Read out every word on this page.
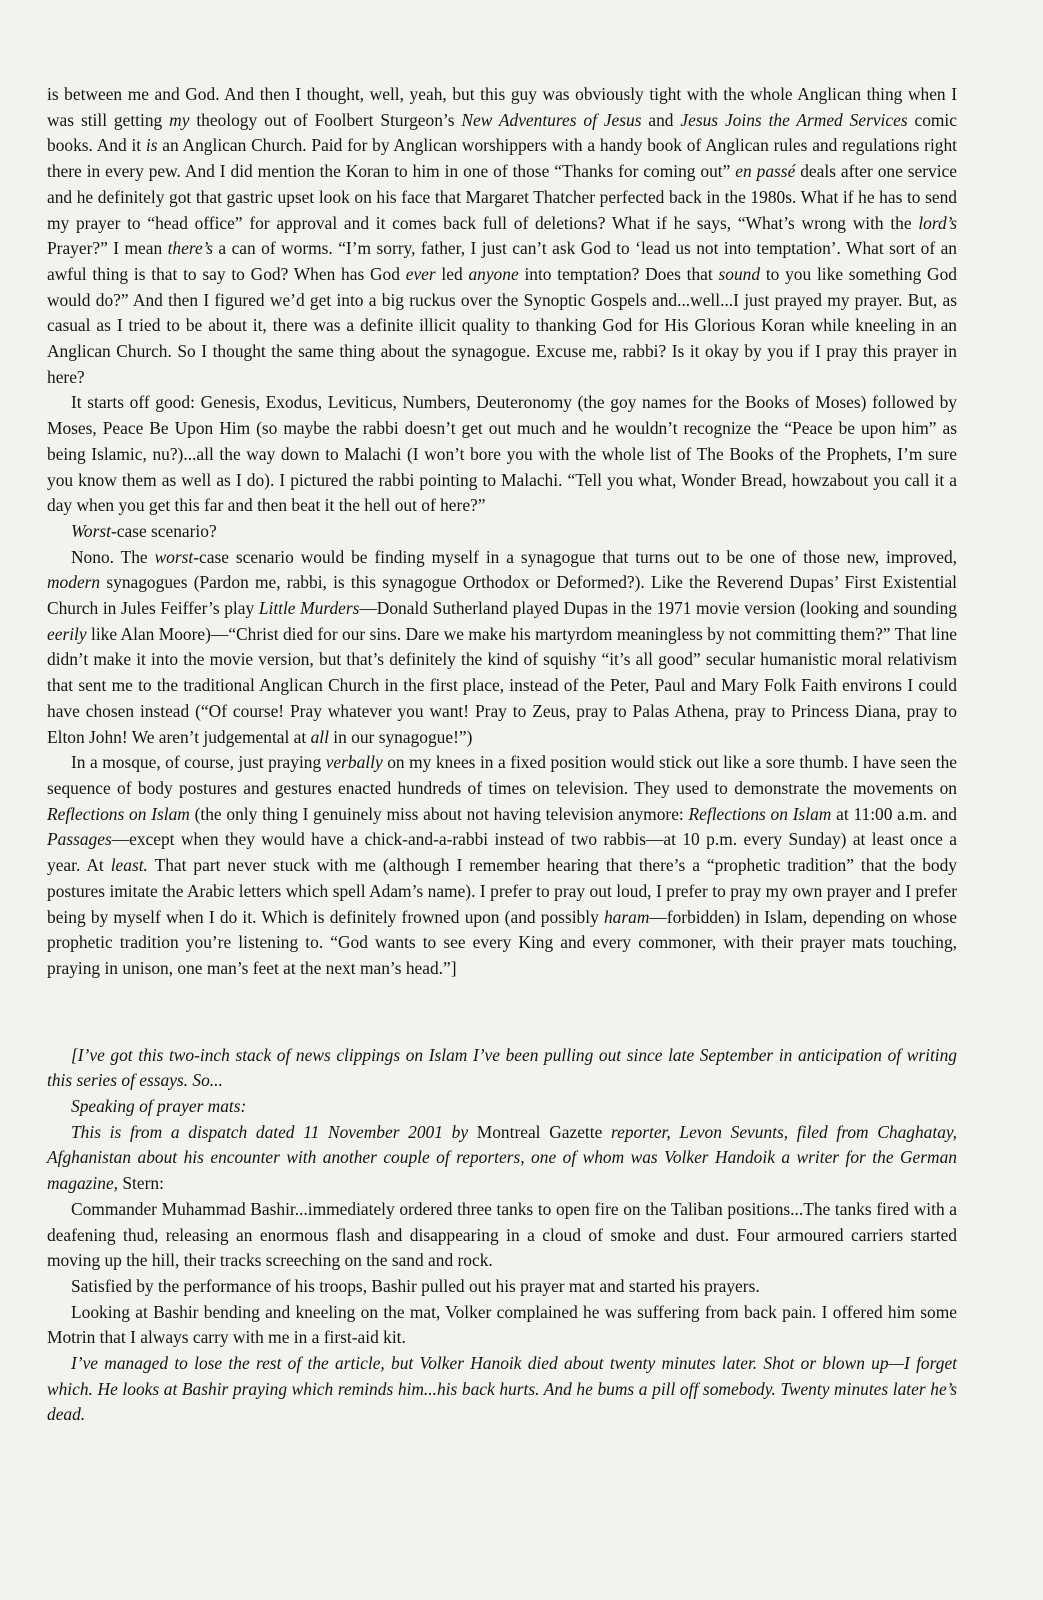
is between me and God. And then I thought, well, yeah, but this guy was obviously tight with the whole Anglican thing when I was still getting my theology out of Foolbert Sturgeon’s New Adventures of Jesus and Jesus Joins the Armed Services comic books. And it is an Anglican Church. Paid for by Anglican worshippers with a handy book of Anglican rules and regulations right there in every pew. And I did mention the Koran to him in one of those “Thanks for coming out” en passé deals after one service and he definitely got that gastric upset look on his face that Margaret Thatcher perfected back in the 1980s. What if he has to send my prayer to “head office” for approval and it comes back full of deletions? What if he says, “What’s wrong with the lord’s Prayer?” I mean there’s a can of worms. “I’m sorry, father, I just can’t ask God to ‘lead us not into temptation’. What sort of an awful thing is that to say to God? When has God ever led anyone into temptation? Does that sound to you like something God would do?” And then I figured we’d get into a big ruckus over the Synoptic Gospels and...well...I just prayed my prayer. But, as casual as I tried to be about it, there was a definite illicit quality to thanking God for His Glorious Koran while kneeling in an Anglican Church. So I thought the same thing about the synagogue. Excuse me, rabbi? Is it okay by you if I pray this prayer in here?

It starts off good: Genesis, Exodus, Leviticus, Numbers, Deuteronomy (the goy names for the Books of Moses) followed by Moses, Peace Be Upon Him (so maybe the rabbi doesn’t get out much and he wouldn’t recognize the “Peace be upon him” as being Islamic, nu?)...all the way down to Malachi (I won’t bore you with the whole list of The Books of the Prophets, I’m sure you know them as well as I do). I pictured the rabbi pointing to Malachi. “Tell you what, Wonder Bread, howzabout you call it a day when you get this far and then beat it the hell out of here?”

Worst-case scenario?

Nono. The worst-case scenario would be finding myself in a synagogue that turns out to be one of those new, improved, modern synagogues (Pardon me, rabbi, is this synagogue Orthodox or Deformed?). Like the Reverend Dupas’ First Existential Church in Jules Feiffer’s play Little Murders—Donald Sutherland played Dupas in the 1971 movie version (looking and sounding eerily like Alan Moore)—“Christ died for our sins. Dare we make his martyrdom meaningless by not committing them?” That line didn’t make it into the movie version, but that’s definitely the kind of squishy “it’s all good” secular humanistic moral relativism that sent me to the traditional Anglican Church in the first place, instead of the Peter, Paul and Mary Folk Faith environs I could have chosen instead (“Of course! Pray whatever you want! Pray to Zeus, pray to Palas Athena, pray to Princess Diana, pray to Elton John! We aren’t judgemental at all in our synagogue!”)

In a mosque, of course, just praying verbally on my knees in a fixed position would stick out like a sore thumb. I have seen the sequence of body postures and gestures enacted hundreds of times on television. They used to demonstrate the movements on Reflections on Islam (the only thing I genuinely miss about not having television anymore: Reflections on Islam at 11:00 a.m. and Passages—except when they would have a chick-and-a-rabbi instead of two rabbis—at 10 p.m. every Sunday) at least once a year. At least. That part never stuck with me (although I remember hearing that there’s a “prophetic tradition” that the body postures imitate the Arabic letters which spell Adam’s name). I prefer to pray out loud, I prefer to pray my own prayer and I prefer being by myself when I do it. Which is definitely frowned upon (and possibly haram—forbidden) in Islam, depending on whose prophetic tradition you’re listening to. “God wants to see every King and every commoner, with their prayer mats touching, praying in unison, one man’s feet at the next man’s head.”]

[I’ve got this two-inch stack of news clippings on Islam I’ve been pulling out since late September in anticipation of writing this series of essays. So...

Speaking of prayer mats:

This is from a dispatch dated 11 November 2001 by Montreal Gazette reporter, Levon Sevunts, filed from Chaghatay, Afghanistan about his encounter with another couple of reporters, one of whom was Volker Handoik a writer for the German magazine, Stern:

Commander Muhammad Bashir...immediately ordered three tanks to open fire on the Taliban positions...The tanks fired with a deafening thud, releasing an enormous flash and disappearing in a cloud of smoke and dust. Four armoured carriers started moving up the hill, their tracks screeching on the sand and rock.

Satisfied by the performance of his troops, Bashir pulled out his prayer mat and started his prayers.

Looking at Bashir bending and kneeling on the mat, Volker complained he was suffering from back pain. I offered him some Motrin that I always carry with me in a first-aid kit.

I’ve managed to lose the rest of the article, but Volker Hanoik died about twenty minutes later. Shot or blown up—I forget which. He looks at Bashir praying which reminds him...his back hurts. And he bums a pill off somebody. Twenty minutes later he’s dead.
